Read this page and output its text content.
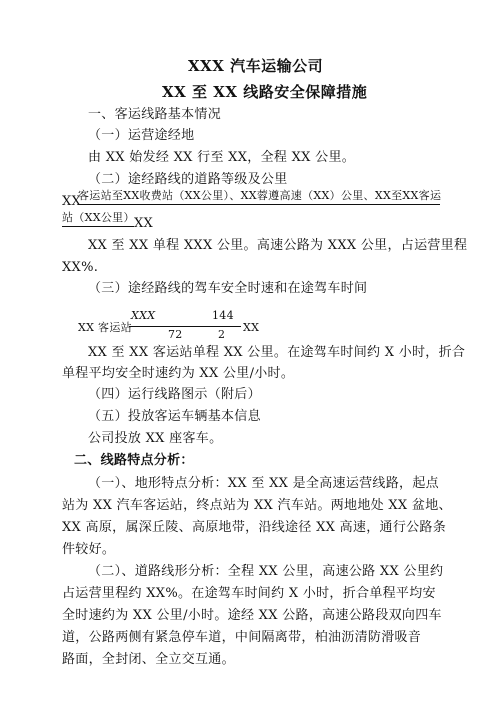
XXX 汽车运输公司
XX 至 XX 线路安全保障措施
一、客运线路基本情况
（一）运营途经地
由 XX 始发经 XX 行至 XX，全程 XX 公里。
（二）途经路线的道路等级及公里
XX
客运站至XX收费站（XX公里）、XX蓉遵高速（XX）公里、XX至XX客运
站（XX公里） XX
XX 至 XX 单程 XXX 公里。高速公路为 XXX 公里，占运营里程
XX%.
（三）途经路线的驾车安全时速和在途驾车时间
XX 客运站
XXX	144
72	2
XX
XX 至 XX 客运站单程 XX 公里。在途驾车时间约 X 小时，折合
单程平均安全时速约为 XX 公里/小时。
（四）运行线路图示（附后）
（五）投放客运车辆基本信息
公司投放 XX 座客车。
二、线路特点分析：
（一）、地形特点分析：XX 至 XX 是全高速运营线路，起点
站为 XX 汽车客运站，终点站为 XX 汽车站。两地地处 XX 盆地、
XX 高原，属深丘陵、高原地带，沿线途径 XX 高速，通行公路条
件较好。
（二）、道路线形分析：全程 XX 公里，高速公路 XX 公里约
占运营里程约 XX%。在途驾车时间约 X 小时，折合单程平均安
全时速约为 XX 公里/小时。途经 XX 公路，高速公路段双向四车
道，公路两侧有紧急停车道，中间隔离带，柏油沥清防滑吸音
路面，全封闭、全立交互通。
